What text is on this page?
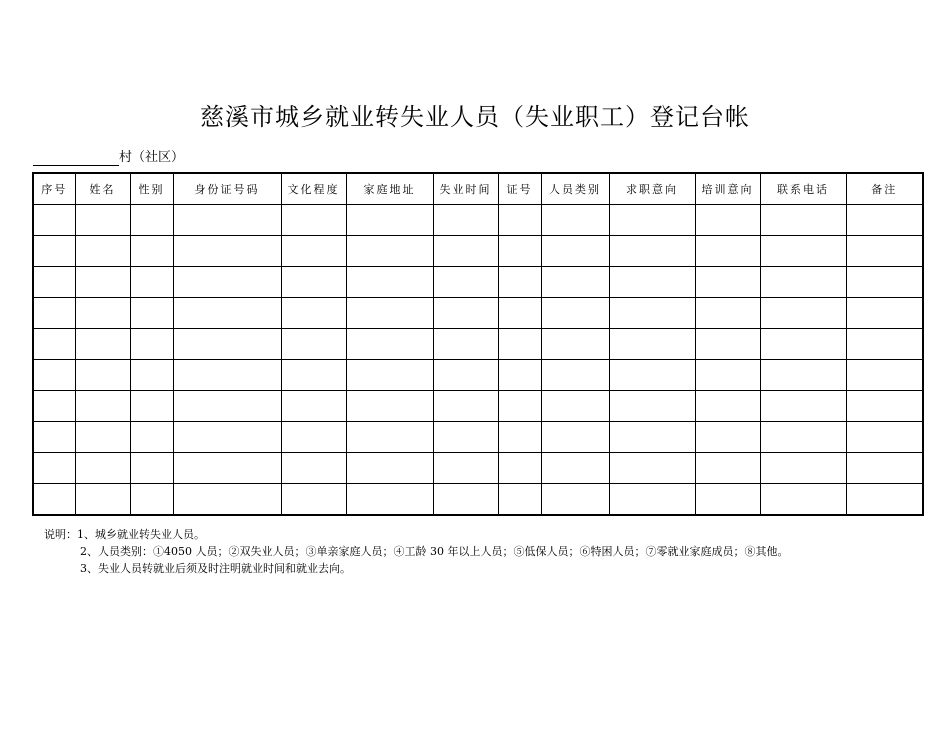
慈溪市城乡就业转失业人员（失业职工）登记台帐
村（社区）
序号	姓名	性别	身份证号码	文化程度	家庭地址	失业时间	证号	人员类别	求职意向	培训意向	联系电话	备注

说明：1、城乡就业转失业人员。
2、人员类别：①4050 人员；②双失业人员；③单亲家庭人员；④工龄 30 年以上人员；⑤低保人员；⑥特困人员；⑦零就业家庭成员；⑧其他。
3、失业人员转就业后须及时注明就业时间和就业去向。
